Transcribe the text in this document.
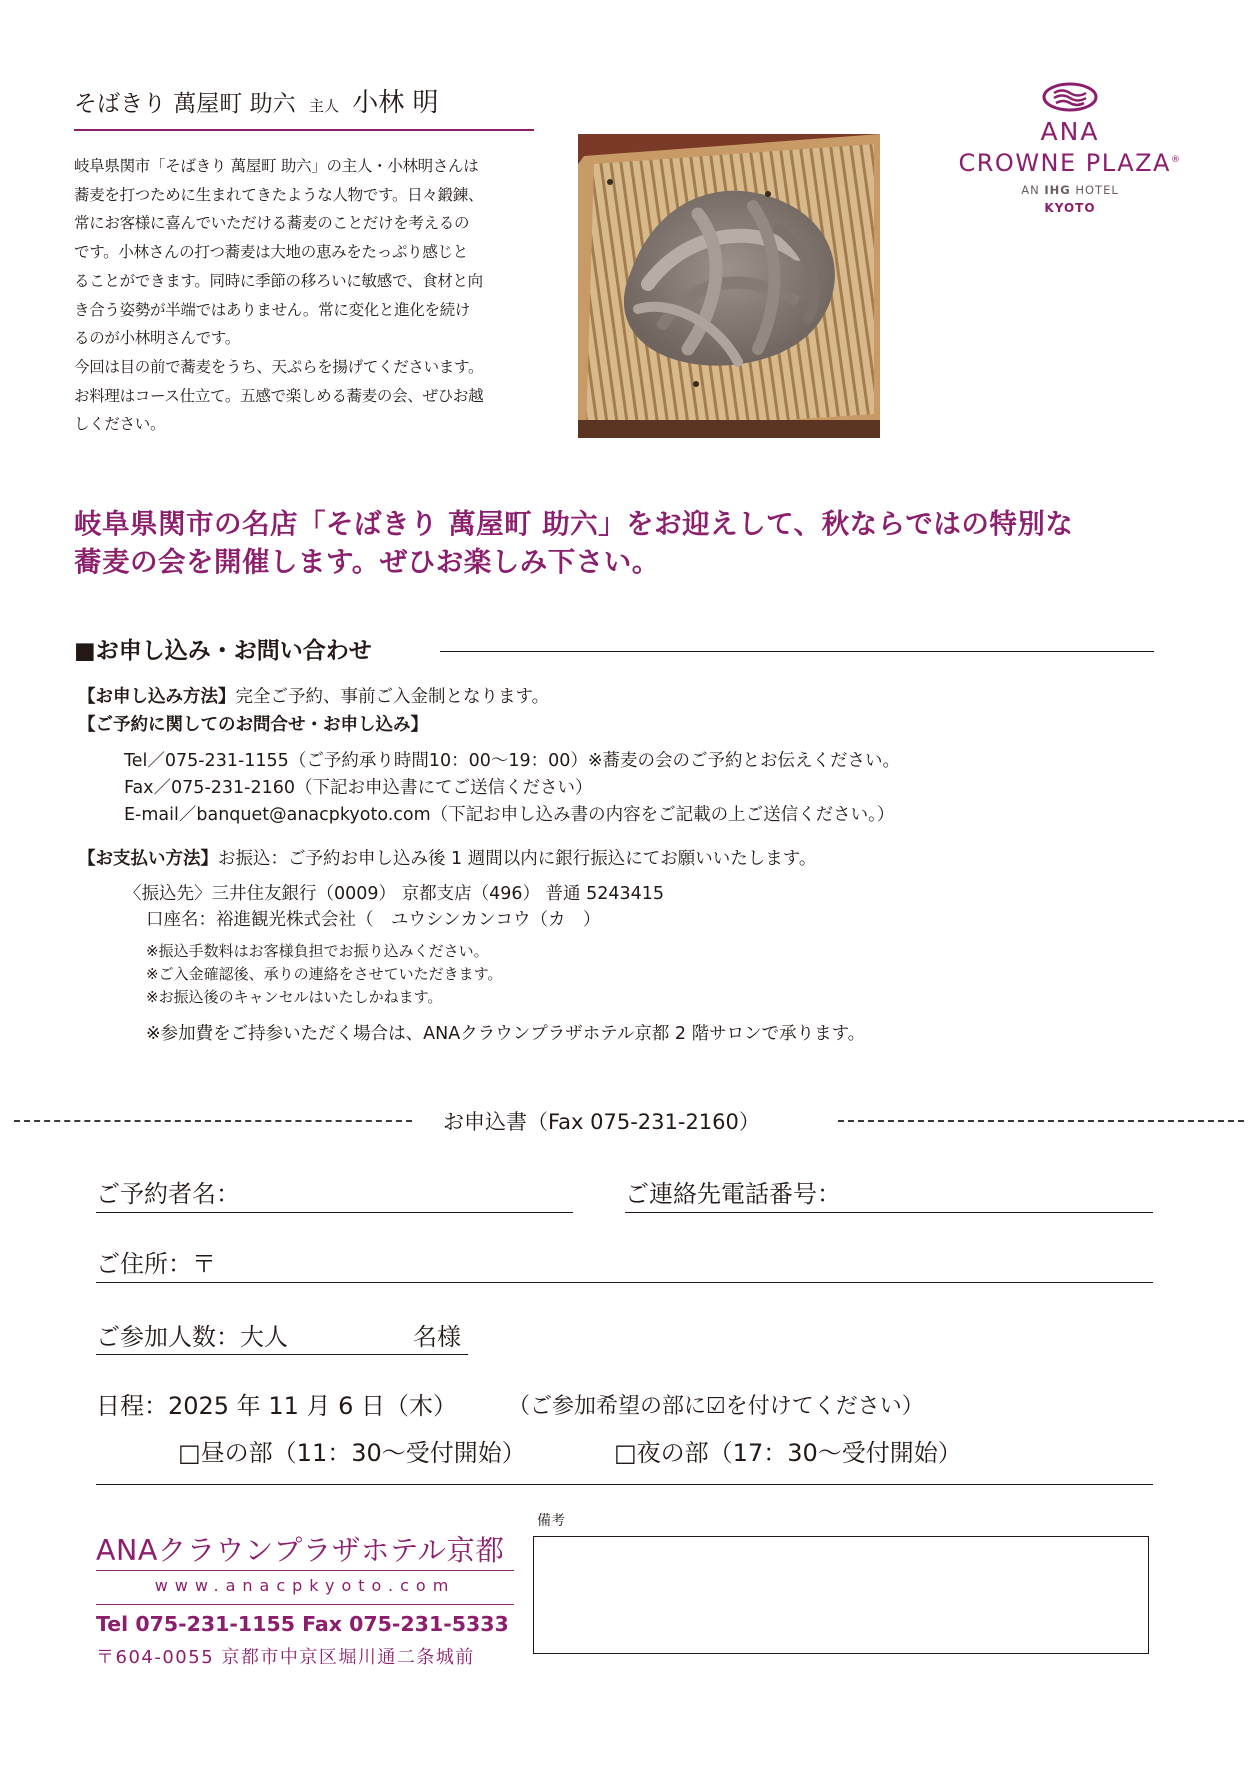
そばきり 萬屋町 助六 主人 小林 明

岐阜県関市「そばきり 萬屋町 助六」の主人・小林明さんは

蕎麦を打つために生まれてきたような人物です。日々鍛錬、

常にお客様に喜んでいただける蕎麦のことだけを考えるの

です。小林さんの打つ蕎麦は大地の恵みをたっぷり感じと

ることができます。同時に季節の移ろいに敏感で、食材と向

き合う姿勢が半端ではありません。常に変化と進化を続け

るのが小林明さんです。

今回は目の前で蕎麦をうち、天ぷらを揚げてくださいます。

お料理はコース仕立て。五感で楽しめる蕎麦の会、ぜひお越

しください。

ANA
CROWNE PLAZA®
AN IHG HOTEL
KYOTO
岐阜県関市の名店「そばきり 萬屋町 助六」をお迎えして、秋ならではの特別な
蕎麦の会を開催します。ぜひお楽しみ下さい。
■お申し込み・お問い合わせ
【お申し込み方法】完全ご予約、事前ご入金制となります。
【ご予約に関してのお問合せ・お申し込み】
Tel／075-231-1155（ご予約承り時間10：00〜19：00）※蕎麦の会のご予約とお伝えください。
Fax／075-231-2160（下記お申込書にてご送信ください）
E-mail／banquet@anacpkyoto.com（下記お申し込み書の内容をご記載の上ご送信ください。）
【お支払い方法】お振込：ご予約お申し込み後 1 週間以内に銀行振込にてお願いいたします。
〈振込先〉三井住友銀行（0009） 京都支店（496） 普通 5243415
口座名：裕進観光株式会社（　ユウシンカンコウ（カ　）
※振込手数料はお客様負担でお振り込みください。
※ご入金確認後、承りの連絡をさせていただきます。
※お振込後のキャンセルはいたしかねます。
※参加費をご持参いただく場合は、ANAクラウンプラザホテル京都 2 階サロンで承ります。
お申込書（Fax 075-231-2160）
ご予約者名：	ご連絡先電話番号：
ご住所：〒
ご参加人数：大人	名様
日程：2025 年 11 月 6 日（木） （ご参加希望の部に☑を付けてください）
□昼の部（11：30〜受付開始）	□夜の部（17：30〜受付開始）
ANAクラウンプラザホテル京都
www.anacpkyoto.com
Tel 075-231-1155 Fax 075-231-5333
〒604-0055 京都市中京区堀川通二条城前
備考
